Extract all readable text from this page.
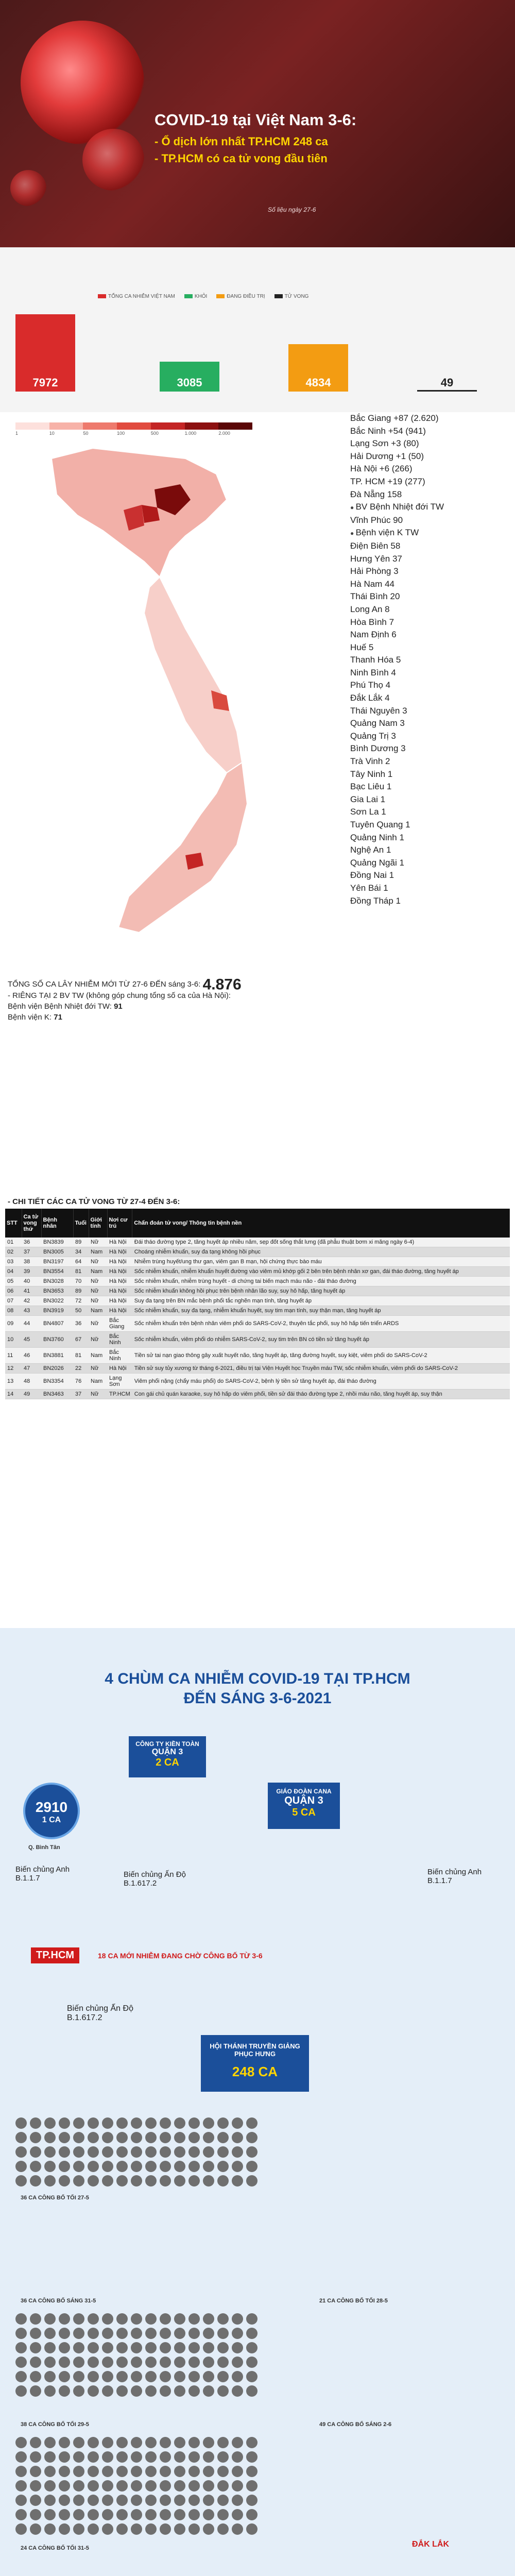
COVID-19 tại Việt Nam 3-6:
- Ổ dịch lớn nhất TP.HCM 248 ca
- TP.HCM có ca tử vong đầu tiên
Số liệu ngày 27-6
TỔNG CA NHIỄM VIỆT NAM	KHỎI	ĐANG ĐIỀU TRỊ	TỬ VONG
7972	3085	4834	49
1	10	50	100	500	1.000	2.000
Bắc Giang +87 (2.620)
Bắc Ninh +54 (941)
Lạng Sơn +3 (80)
Hải Dương +1 (50)
Hà Nội +6 (266)
TP. HCM +19 (277)
Đà Nẵng 158
● BV Bệnh Nhiệt đới TW
Vĩnh Phúc 90
● Bệnh viện K TW
Điện Biên 58
Hưng Yên 37
Hải Phòng 3
Hà Nam 44
Thái Bình 20
Long An 8
Hòa Bình 7
Nam Định 6
Huế 5
Thanh Hóa 5
Ninh Bình 4
Phú Thọ 4
Đắk Lắk 4
Thái Nguyên 3
Quảng Nam 3
Quảng Trị 3
Bình Dương 3
Trà Vinh 2
Tây Ninh 1
Bạc Liêu 1
Gia Lai 1
Sơn La 1
Tuyên Quang 1
Quảng Ninh 1
Nghệ An 1
Quảng Ngãi 1
Đồng Nai 1
Yên Bái 1
Đồng Tháp 1
TỔNG SỐ CA LÂY NHIỄM MỚI TỪ 27-6 ĐẾN sáng 3-6: 4.876
- RIÊNG TẠI 2 BV TW (không góp chung tổng số ca của Hà Nội):
Bệnh viện Bệnh Nhiệt đới TW: 91
Bệnh viện K: 71
- CHI TIẾT CÁC CA TỬ VONG TỪ 27-4 ĐẾN 3-6:
STT	Ca tử vong thứ	Bệnh nhân	Tuổi	Giới tính	Nơi cư trú	Chẩn đoán tử vong/ Thông tin bệnh nền
01	36	BN3839	89	Nữ	Hà Nội	Đái tháo đường type 2, tăng huyết áp nhiều năm, sẹp đốt sống thắt lưng (đã phẫu thuật bơm xi măng ngày 6-4)
02	37	BN3005	34	Nam	Hà Nội	Choáng nhiễm khuẩn, suy đa tạng không hồi phục
03	38	BN3197	64	Nữ	Hà Nội	Nhiễm trùng huyết/ung thư gan, viêm gan B mạn, hội chứng thực bào máu
04	39	BN3554	81	Nam	Hà Nội	Sốc nhiễm khuẩn, nhiễm khuẩn huyết đường vào viêm mủ khớp gối 2 bên trên bệnh nhân xơ gan, đái tháo đường, tăng huyết áp
05	40	BN3028	70	Nữ	Hà Nội	Sốc nhiễm khuẩn, nhiễm trùng huyết - di chứng tai biến mạch máu não - đái tháo đường
06	41	BN3653	89	Nữ	Hà Nội	Sốc nhiễm khuẩn không hồi phục trên bệnh nhân lão suy, suy hô hấp, tăng huyết áp
07	42	BN3022	72	Nữ	Hà Nội	Suy đa tạng trên BN mắc bệnh phổi tắc nghẽn mạn tính, tăng huyết áp
08	43	BN3919	50	Nam	Hà Nội	Sốc nhiễm khuẩn, suy đa tạng, nhiễm khuẩn huyết, suy tim mạn tính, suy thận mạn, tăng huyết áp
09	44	BN4807	36	Nữ	Bắc Giang	Sốc nhiễm khuẩn trên bệnh nhân viêm phổi do SARS-CoV-2, thuyên tắc phổi, suy hô hấp tiến triển ARDS
10	45	BN3760	67	Nữ	Bắc Ninh	Sốc nhiễm khuẩn, viêm phổi do nhiễm SARS-CoV-2, suy tim trên BN có tiền sử tăng huyết áp
11	46	BN3881	81	Nam	Bắc Ninh	Tiền sử tai nạn giao thông gây xuất huyết não, tăng huyết áp, tăng đường huyết, suy kiệt, viêm phổi do SARS-CoV-2
12	47	BN2026	22	Nữ	Hà Nội	Tiền sử suy tủy xương từ tháng 6-2021, điều trị tại Viện Huyết học Truyền máu TW, sốc nhiễm khuẩn, viêm phổi do SARS-CoV-2
13	48	BN3354	76	Nam	Lạng Sơn	Viêm phổi nặng (chẩy máu phổi) do SARS-CoV-2, bệnh lý tiền sử tăng huyết áp, đái tháo đường
14	49	BN3463	37	Nữ	TP.HCM	Con gái chủ quán karaoke, suy hô hấp do viêm phổi, tiền sử đái tháo đường type 2, nhồi máu não, tăng huyết áp, suy thận
4 CHÙM CA NHIỄM COVID-19 TẠI TP.HCM
ĐẾN SÁNG 3-6-2021
2910
1 CA
Q. Bình Tân
Biến chủng Anh
B.1.1.7
CÔNG TY KIỀN TOÀN
QUẬN 3
2 CA
Biến chủng Ấn Độ
B.1.617.2
GIÁO ĐOÀN CANA
QUẬN 3
5 CA
Biến chủng Anh
B.1.1.7
TP.HCM	18 CA MỚI NHIỄM ĐANG CHỜ CÔNG BỐ TỪ 3-6
Biến chủng Ấn Độ
B.1.617.2
HỘI THÁNH TRUYỀN GIẢNG PHỤC HƯNG
248 CA
36 CA CÔNG BỐ TỐI 27-5
36 CA CÔNG BỐ SÁNG 31-5	21 CA CÔNG BỐ TỐI 28-5
38 CA CÔNG BỐ TỐI 29-5	49 CA CÔNG BỐ SÁNG 2-6
24 CA CÔNG BỐ TỐI 31-5	ĐẮK LẮK
